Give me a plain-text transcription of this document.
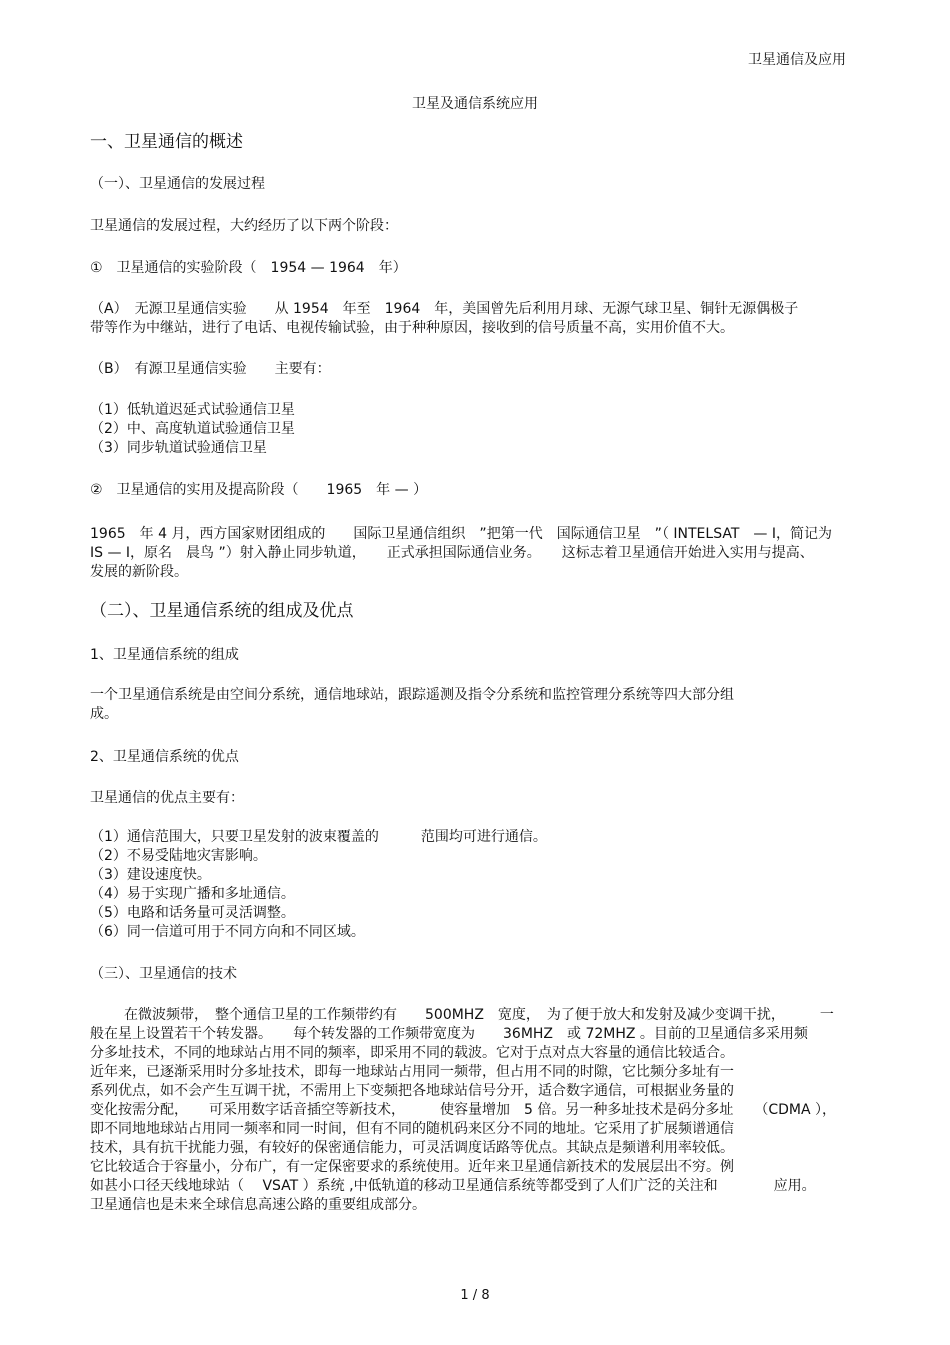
卫星通信及应用
卫星及通信系统应用
一、卫星通信的概述
（一）、卫星通信的发展过程
卫星通信的发展过程，大约经历了以下两个阶段：
①　卫星通信的实验阶段（　1954 — 1964　年）
（A）　无源卫星通信实验　　从 1954　年至　1964　年，美国曾先后利用月球、无源气球卫星、铜针无源偶极子
带等作为中继站，进行了电话、电视传输试验，由于种种原因，接收到的信号质量不高，实用价值不大。
（B）　有源卫星通信实验　　主要有：
（1）低轨道迟延式试验通信卫星
（2）中、高度轨道试验通信卫星
（3）同步轨道试验通信卫星
②　卫星通信的实用及提高阶段（　　1965　年 — ）
1965　年 4 月，西方国家财团组成的　　国际卫星通信组织　”把第一代　国际通信卫星　”（ INTELSAT　— I，简记为
IS — I，原名　晨鸟 ”）射入静止同步轨道，　　正式承担国际通信业务。　　这标志着卫星通信开始进入实用与提高、
发展的新阶段。
（二）、卫星通信系统的组成及优点
1、卫星通信系统的组成
一个卫星通信系统是由空间分系统，通信地球站，跟踪遥测及指令分系统和监控管理分系统等四大部分组
成。
2、卫星通信系统的优点
卫星通信的优点主要有：
（1）通信范围大，只要卫星发射的波束覆盖的　　　范围均可进行通信。
（2）不易受陆地灾害影响。
（3）建设速度快。
（4）易于实现广播和多址通信。
（5）电路和话务量可灵活调整。
（6）同一信道可用于不同方向和不同区域。
（三）、卫星通信的技术
在微波频带，　整个通信卫星的工作频带约有　　500MHZ　宽度，　为了便于放大和发射及减少变调干扰，　　　一
般在星上设置若干个转发器。　　每个转发器的工作频带宽度为　　36MHZ　或 72MHZ 。目前的卫星通信多采用频
分多址技术，不同的地球站占用不同的频率，即采用不同的载波。它对于点对点大容量的通信比较适合。
近年来，已逐渐采用时分多址技术，即每一地球站占用同一频带，但占用不同的时隙，它比频分多址有一
系列优点，如不会产生互调干扰，不需用上下变频把各地球站信号分开，适合数字通信，可根据业务量的
变化按需分配，　　可采用数字话音插空等新技术，　　　使容量增加　5 倍。另一种多址技术是码分多址　　（CDMA ），
即不同地地球站占用同一频率和同一时间，但有不同的随机码来区分不同的地址。它采用了扩展频谱通信
技术，具有抗干扰能力强，有较好的保密通信能力，可灵活调度话路等优点。其缺点是频谱利用率较低。
它比较适合于容量小，分布广，有一定保密要求的系统使用。近年来卫星通信新技术的发展层出不穷。例
如甚小口径天线地球站（　 VSAT ）系统 ,中低轨道的移动卫星通信系统等都受到了人们广泛的关注和　　　　应用。
卫星通信也是未来全球信息高速公路的重要组成部分。
1 / 8
